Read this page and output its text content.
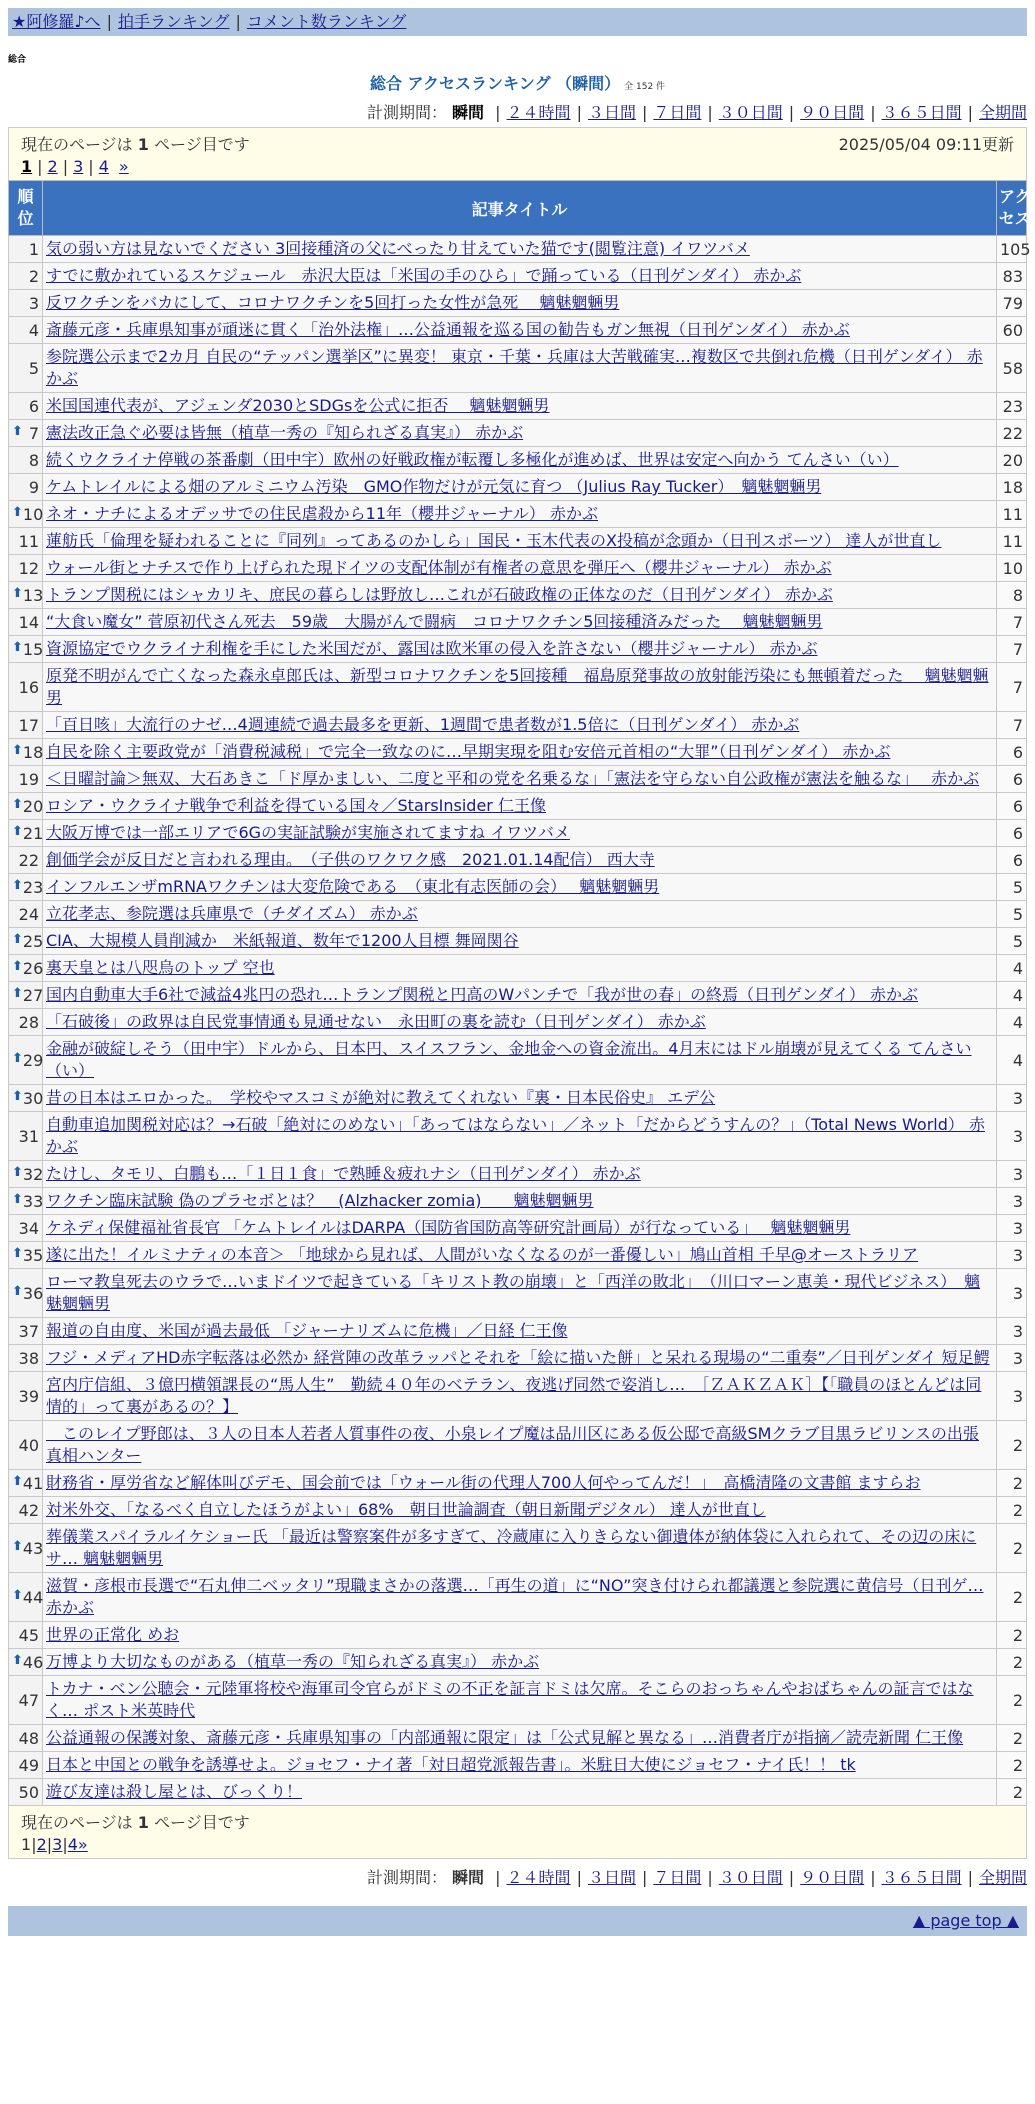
★阿修羅♪へ | 拍手ランキング | コメント数ランキング
総合
総合 アクセスランキング （瞬間） 全 152 件
計測期間： 瞬間 | ２４時間 | ３日間 | ７日間 | ３０日間 | ９０日間 | ３６５日間 | 全期間
現在のページは 1 ページ目です	2025/05/04 09:11更新
1 | 2 | 3 | 4 »
順位	記事タイトル	アクセス
1	気の弱い方は見ないでください 3回接種済の父にべったり甘えていた猫です(閲覧注意) イワツバメ	105
2	すでに敷かれているスケジュール　赤沢大臣は「米国の手のひら」で踊っている（日刊ゲンダイ） 赤かぶ	83
3	反ワクチンをバカにして、コロナワクチンを5回打った女性が急死　 魑魅魍魎男	79
4	斎藤元彦・兵庫県知事が頑迷に貫く「治外法権」…公益通報を巡る国の勧告もガン無視（日刊ゲンダイ） 赤かぶ	60
5	参院選公示まで2カ月 自民の“テッパン選挙区”に異変！ 東京・千葉・兵庫は大苦戦確実…複数区で共倒れ危機（日刊ゲンダイ） 赤かぶ	58
6	米国国連代表が、アジェンダ2030とSDGsを公式に拒否　 魑魅魍魎男	23

⬆ 7	憲法改正急ぐ必要は皆無（植草一秀の『知られざる真実』） 赤かぶ	22
8	続くウクライナ停戦の茶番劇（田中宇）欧州の好戦政権が転覆し多極化が進めば、世界は安定へ向かう てんさい（い）	20
9	ケムトレイルによる畑のアルミニウム汚染　GMO作物だけが元気に育つ （Julius Ray Tucker）　魑魅魍魎男	18

⬆ 10	ネオ・ナチによるオデッサでの住民虐殺から11年（櫻井ジャーナル） 赤かぶ	11
11	蓮舫氏「倫理を疑われることに『同列』ってあるのかしら」国民・玉木代表のX投稿が念頭か（日刊スポーツ） 達人が世直し	11
12	ウォール街とナチスで作り上げられた現ドイツの支配体制が有権者の意思を弾圧へ（櫻井ジャーナル） 赤かぶ	10

⬆ 13	トランプ関税にはシャカリキ、庶民の暮らしは野放し…これが石破政権の正体なのだ（日刊ゲンダイ） 赤かぶ	8
14	“大食い魔女” 菅原初代さん死去　59歳　大腸がんで闘病　コロナワクチン5回接種済みだった　 魑魅魍魎男	7

⬆ 15	資源協定でウクライナ利権を手にした米国だが、露国は欧米軍の侵入を許さない（櫻井ジャーナル） 赤かぶ	7
16	原発不明がんで亡くなった森永卓郎氏は、新型コロナワクチンを5回接種　福島原発事故の放射能汚染にも無頓着だった　 魑魅魍魎男	7
17	「百日咳」大流行のナゼ…4週連続で過去最多を更新、1週間で患者数が1.5倍に（日刊ゲンダイ） 赤かぶ	7

⬆ 18	自民を除く主要政党が「消費税減税」で完全一致なのに…早期実現を阻む安倍元首相の“大罪”（日刊ゲンダイ） 赤かぶ	6
19	＜日曜討論＞無双、大石あきこ「ド厚かましい、二度と平和の党を名乗るな」「憲法を守らない自公政権が憲法を触るな」　 赤かぶ	6

⬆ 20	ロシア・ウクライナ戦争で利益を得ている国々／StarsInsider 仁王像	6

⬆ 21	大阪万博では一部エリアで6Gの実証試験が実施されてますね イワツバメ	6
22	創価学会が反日だと言われる理由。　（子供のワクワク感　2021.01.14配信） 西大寺	6

⬆ 23	インフルエンザmRNAワクチンは大変危険である　（東北有志医師の会）　 魑魅魍魎男	5
24	立花孝志、参院選は兵庫県で（チダイズム） 赤かぶ	5

⬆ 25	CIA、大規模人員削減か　米紙報道、数年で1200人目標 舞岡関谷	5

⬆ 26	裏天皇とは八咫烏のトップ 空也	4

⬆ 27	国内自動車大手6社で減益4兆円の恐れ…トランプ関税と円高のWパンチで「我が世の春」の終焉（日刊ゲンダイ） 赤かぶ	4
28	「石破後」の政界は自民党事情通も見通せない　永田町の裏を読む（日刊ゲンダイ） 赤かぶ	4

⬆ 29	金融が破綻しそう（田中宇）ドルから、日本円、スイスフラン、金地金への資金流出。4月末にはドル崩壊が見えてくる てんさい（い）	4

⬆ 30	昔の日本はエロかった。　学校やマスコミが絶対に教えてくれない『裏・日本民俗史』 エデ公	3
31	自動車追加関税対応は？→石破「絶対にのめない」「あってはならない」／ネット「だからどうすんの？」（Total News World） 赤かぶ	3

⬆ 32	たけし、タモリ、白鵬も…「１日１食」で熟睡＆疲れナシ（日刊ゲンダイ） 赤かぶ	3

⬆ 33	ワクチン臨床試験 偽のプラセボとは？　(Alzhacker zomia)　　魑魅魍魎男	3
34	ケネディ保健福祉省長官 「ケムトレイルはDARPA（国防省国防高等研究計画局）が行なっている」　 魑魅魍魎男	3

⬆ 35	遂に出た！イルミナティの本音＞ 「地球から見れば、人間がいなくなるのが一番優しい」鳩山首相 千早@オーストラリア	3

⬆ 36	ローマ教皇死去のウラで…いまドイツで起きている「キリスト教の崩壊」と「西洋の敗北」　（川口マーン恵美・現代ビジネス）　魑魅魍魎男	3
37	報道の自由度、米国が過去最低 「ジャーナリズムに危機」／日経 仁王像	3
38	フジ・メディアHD赤字転落は必然か 経営陣の改革ラッパとそれを「絵に描いた餅」と呆れる現場の“二重奏”／日刊ゲンダイ 短足鰐	3
39	宮内庁信組、３億円横領課長の“馬人生”　勤続４０年のベテラン、夜逃げ同然で姿消し…　［ＺＡＫＺＡＫ］【「職員のほとんどは同情的」って裏があるの？】	3
40	　このレイプ野郎は、３人の日本人若者人質事件の夜、小泉レイプ魔は品川区にある仮公邸で高級SMクラブ目黒ラビリンスの出張 真相ハンター	2

⬆ 41	財務省・厚労省など解体叫びデモ、国会前では「ウォール街の代理人700人何やってんだ！」　高橋清隆の文書館 ますらお	2
42	対米外交、「なるべく自立したほうがよい」68%　朝日世論調査（朝日新聞デジタル） 達人が世直し	2

⬆ 43	葬儀業スパイラルイケショー氏 「最近は警察案件が多すぎて、冷蔵庫に入りきらない御遺体が納体袋に入れられて、その辺の床にサ… 魑魅魍魎男	2

⬆ 44	滋賀・彦根市長選で“石丸伸二ベッタリ”現職まさかの落選…「再生の道」に“NO”突き付けられ都議選と参院選に黄信号（日刊ゲ… 赤かぶ	2
45	世界の正常化 めお	2

⬆ 46	万博より大切なものがある（植草一秀の『知られざる真実』） 赤かぶ	2
47	トカナ・ベン公聴会・元陸軍将校や海軍司令官らがドミの不正を証言ドミは欠席。そこらのおっちゃんやおばちゃんの証言ではなく… ポスト米英時代	2
48	公益通報の保護対象、斎藤元彦・兵庫県知事の「内部通報に限定」は「公式見解と異なる」…消費者庁が指摘／読売新聞 仁王像	2
49	日本と中国との戦争を誘導せよ。ジョセフ・ナイ著「対日超党派報告書」。米駐日大使にジョセフ・ナイ氏！！ tk	2
50	遊び友達は殺し屋とは、びっくり！	2
現在のページは 1 ページ目です
1|2|3|4»
計測期間： 瞬間 | ２４時間 | ３日間 | ７日間 | ３０日間 | ９０日間 | ３６５日間 | 全期間
▲ page top ▲
